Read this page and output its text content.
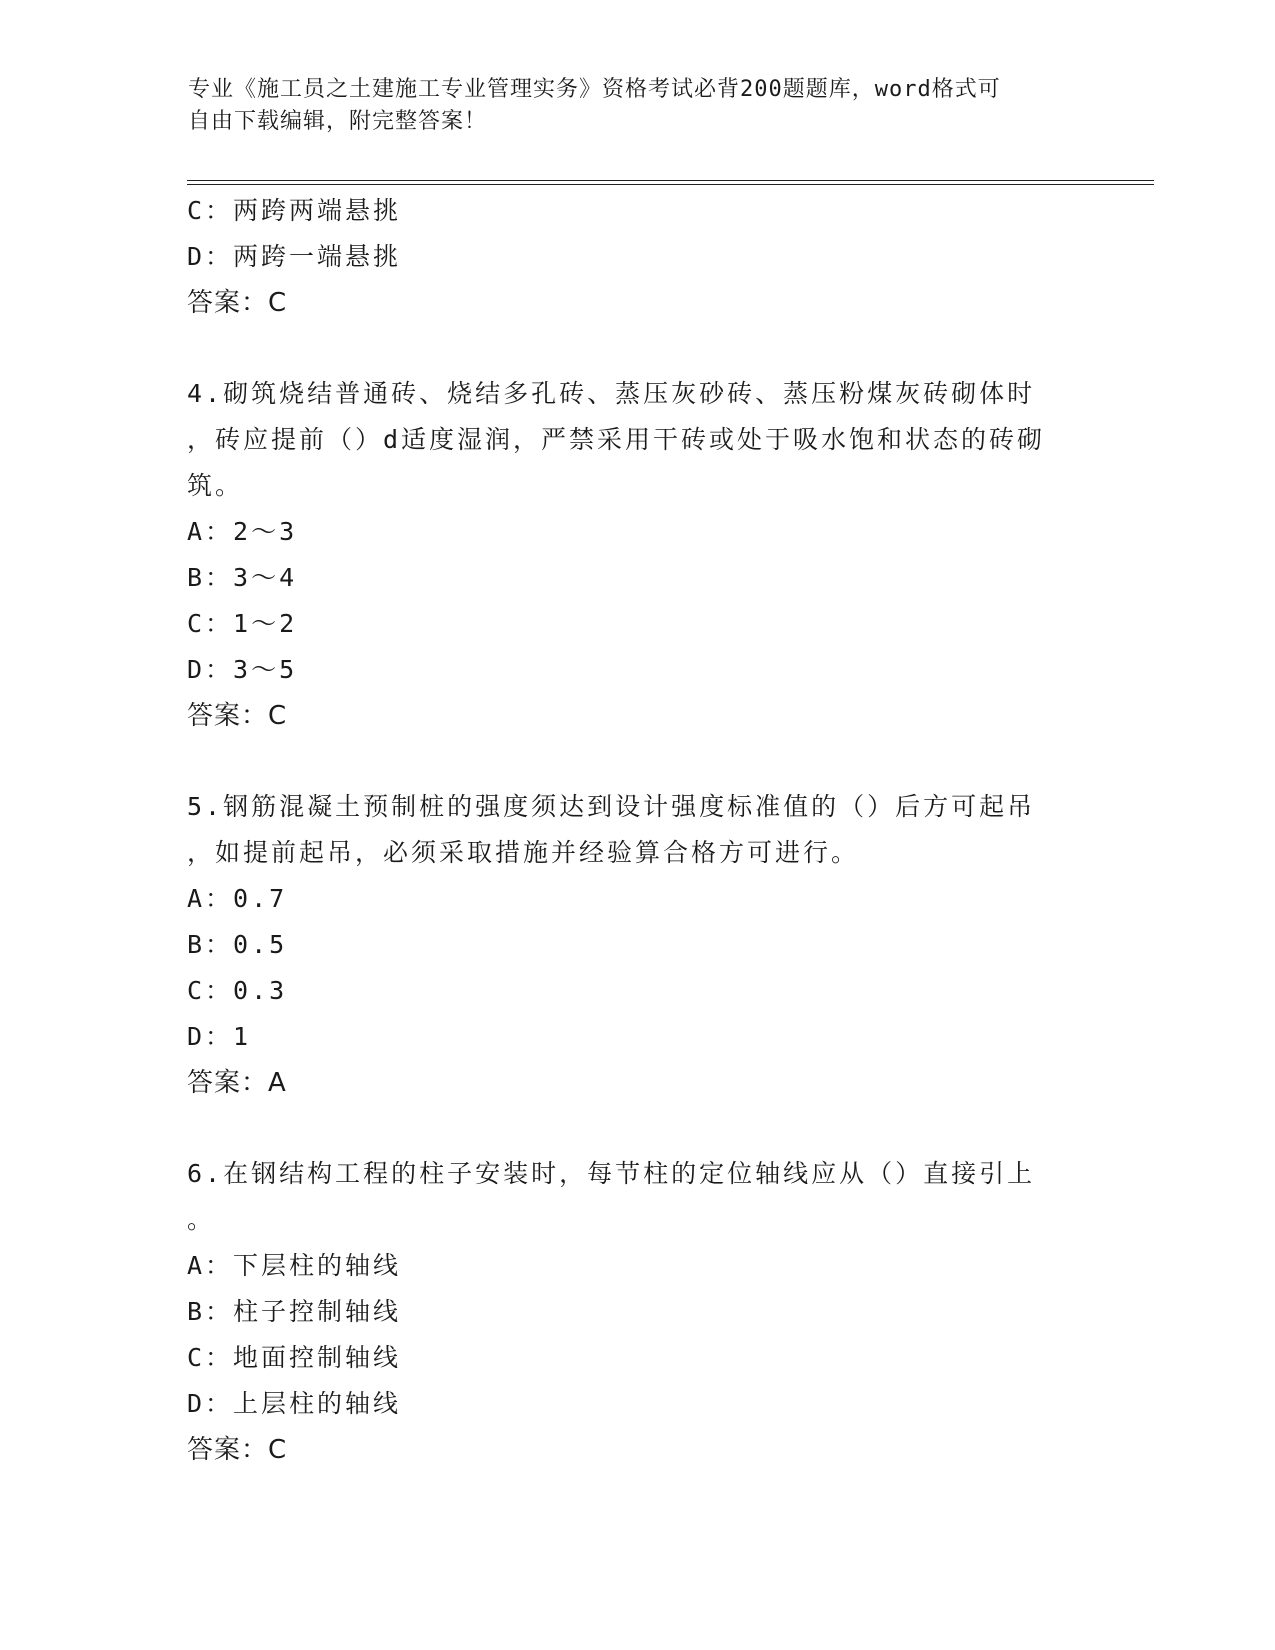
专业《施工员之土建施工专业管理实务》资格考试必背200题题库，word格式可
自由下载编辑，附完整答案！
C：两跨两端悬挑
D：两跨一端悬挑
答案：C
4.砌筑烧结普通砖、烧结多孔砖、蒸压灰砂砖、蒸压粉煤灰砖砌体时
，砖应提前（）d适度湿润，严禁采用干砖或处于吸水饱和状态的砖砌
筑。
A：2～3
B：3～4
C：1～2
D：3～5
答案：C
5.钢筋混凝土预制桩的强度须达到设计强度标准值的（）后方可起吊
，如提前起吊，必须采取措施并经验算合格方可进行。
A：0.7
B：0.5
C：0.3
D：1
答案：A
6.在钢结构工程的柱子安装时，每节柱的定位轴线应从（）直接引上
。
A：下层柱的轴线
B：柱子控制轴线
C：地面控制轴线
D：上层柱的轴线
答案：C
